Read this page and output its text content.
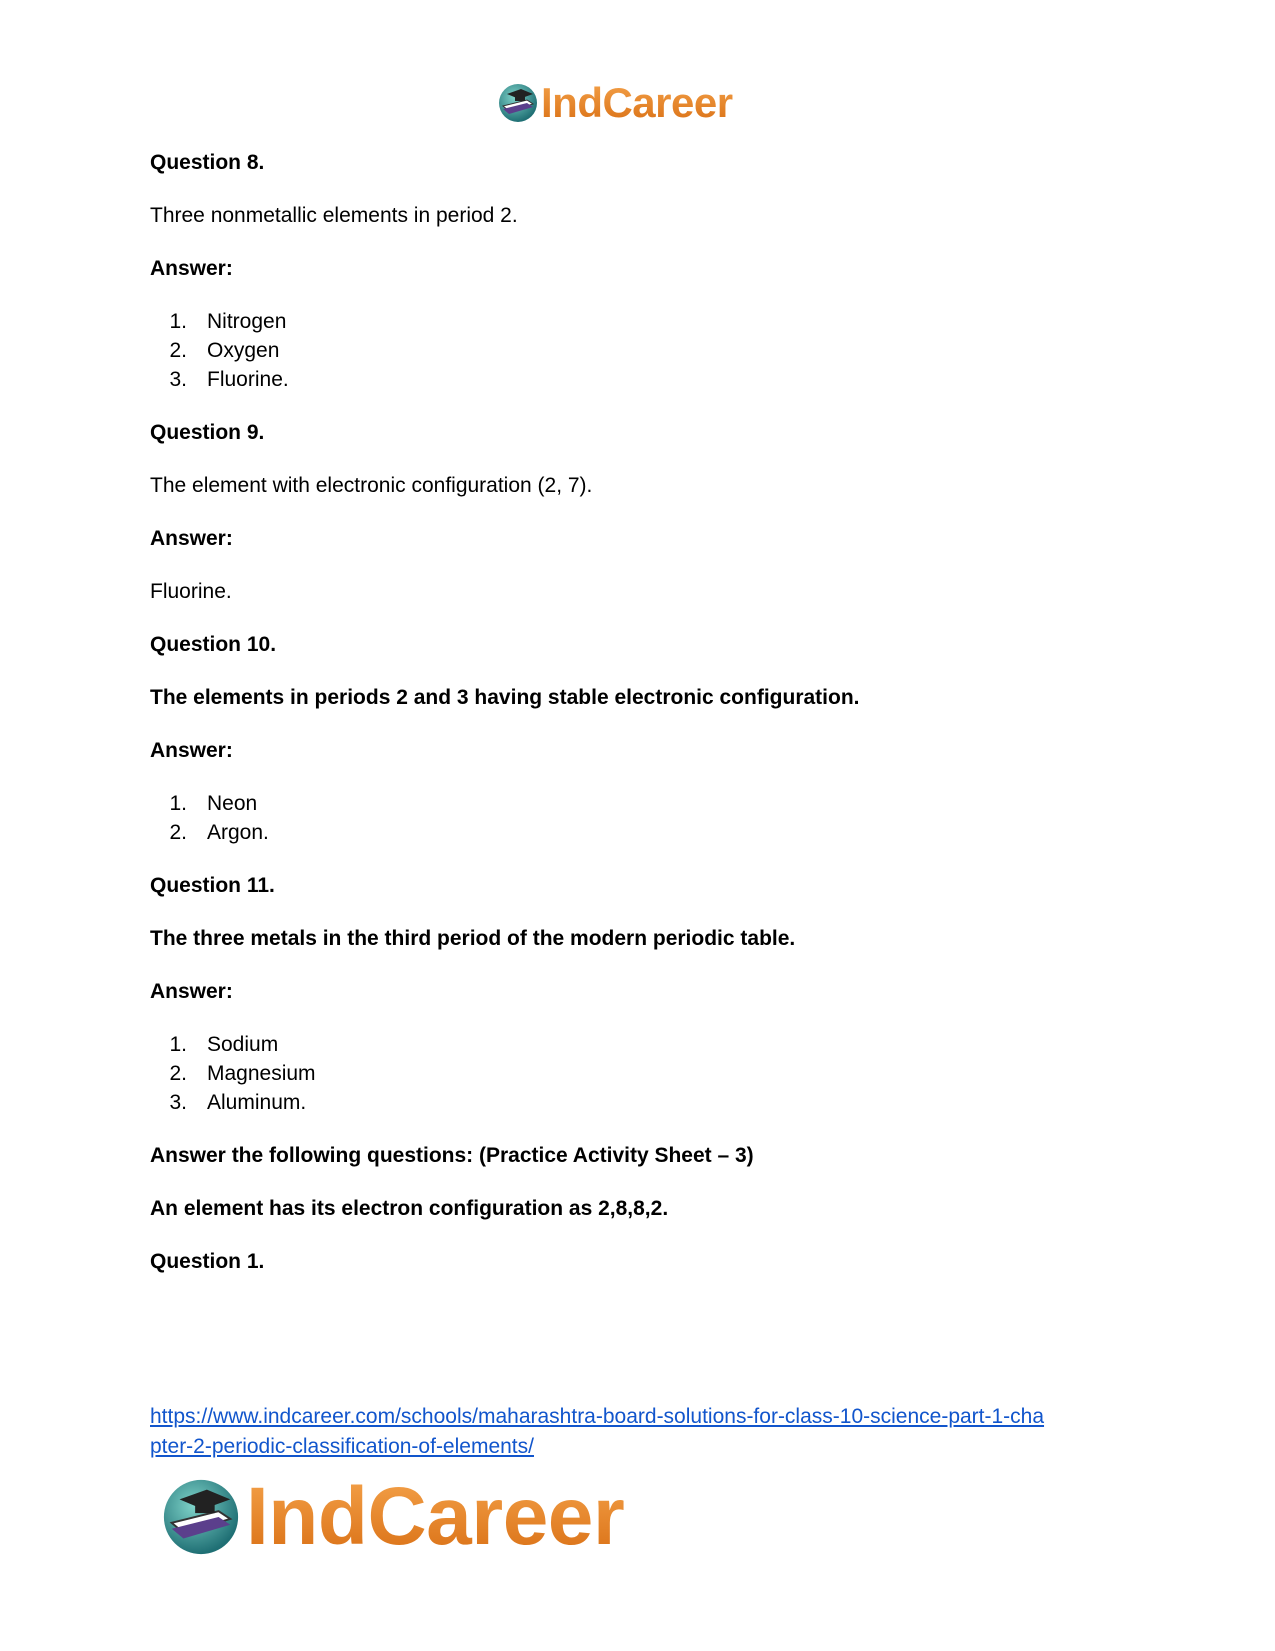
IndCareer
Question 8.
Three nonmetallic elements in period 2.
Answer:
1. Nitrogen
2. Oxygen
3. Fluorine.
Question 9.
The element with electronic configuration (2, 7).
Answer:
Fluorine.
Question 10.
The elements in periods 2 and 3 having stable electronic configuration.
Answer:
1. Neon
2. Argon.
Question 11.
The three metals in the third period of the modern periodic table.
Answer:
1. Sodium
2. Magnesium
3. Aluminum.
Answer the following questions: (Practice Activity Sheet – 3)
An element has its electron configuration as 2,8,8,2.
Question 1.
https://www.indcareer.com/schools/maharashtra-board-solutions-for-class-10-science-part-1-cha
pter-2-periodic-classification-of-elements/
IndCareer
